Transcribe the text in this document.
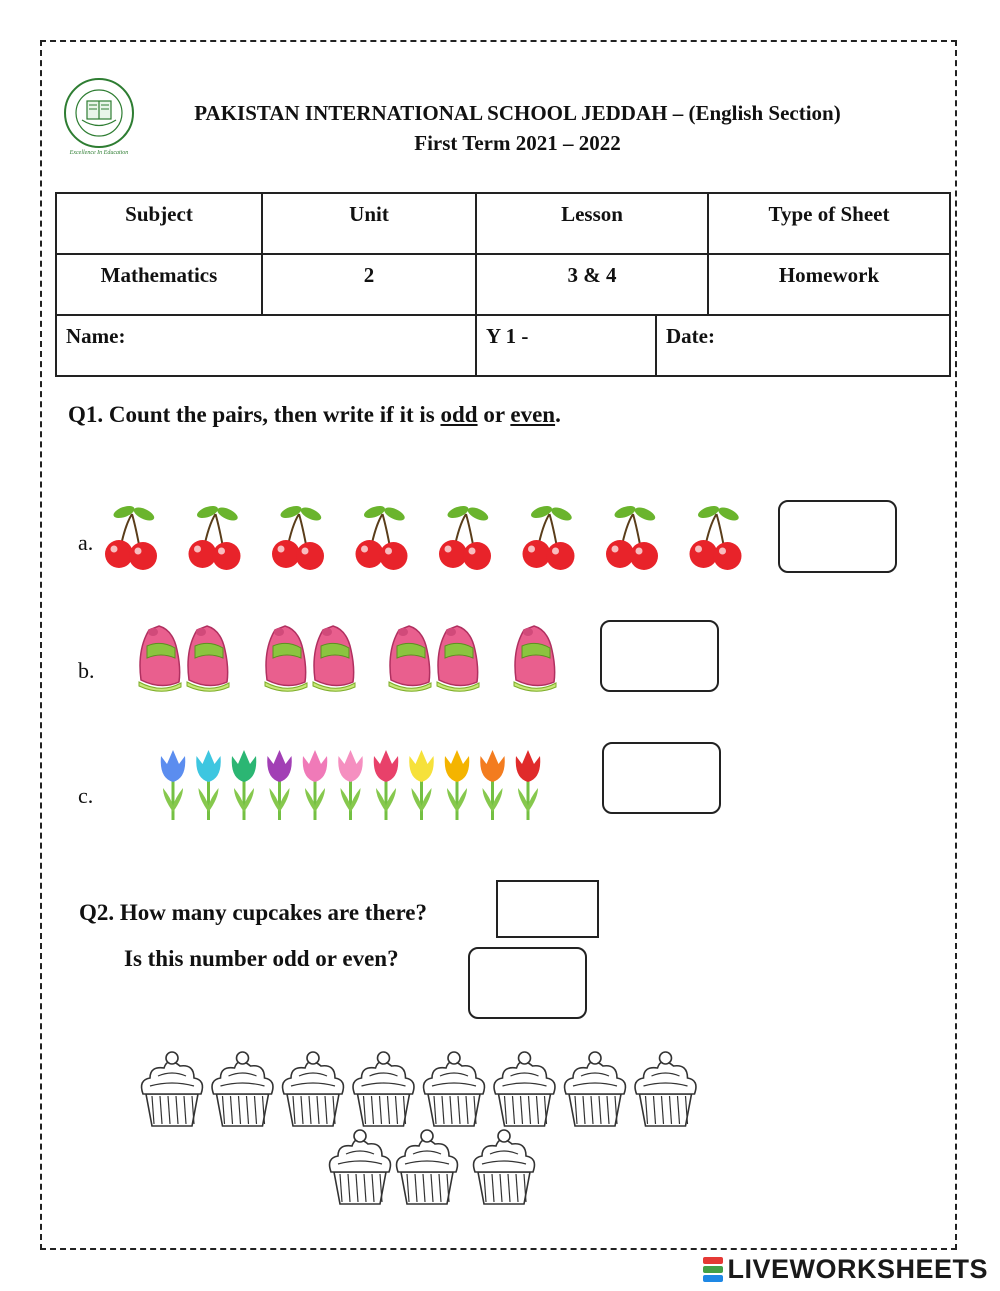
Excellence In Education
PAKISTAN INTERNATIONAL SCHOOL JEDDAH – (English Section)
First Term 2021 – 2022
Subject	Unit	Lesson		Type of Sheet
Mathematics	2	3 & 4		Homework
Name:		Y 1 -	Date:	
Q1. Count the pairs, then write if it is odd or even.
a.
b.
c.
Q2. How many cupcakes are there?
Is this number odd or even?
LIVEWORKSHEETS
